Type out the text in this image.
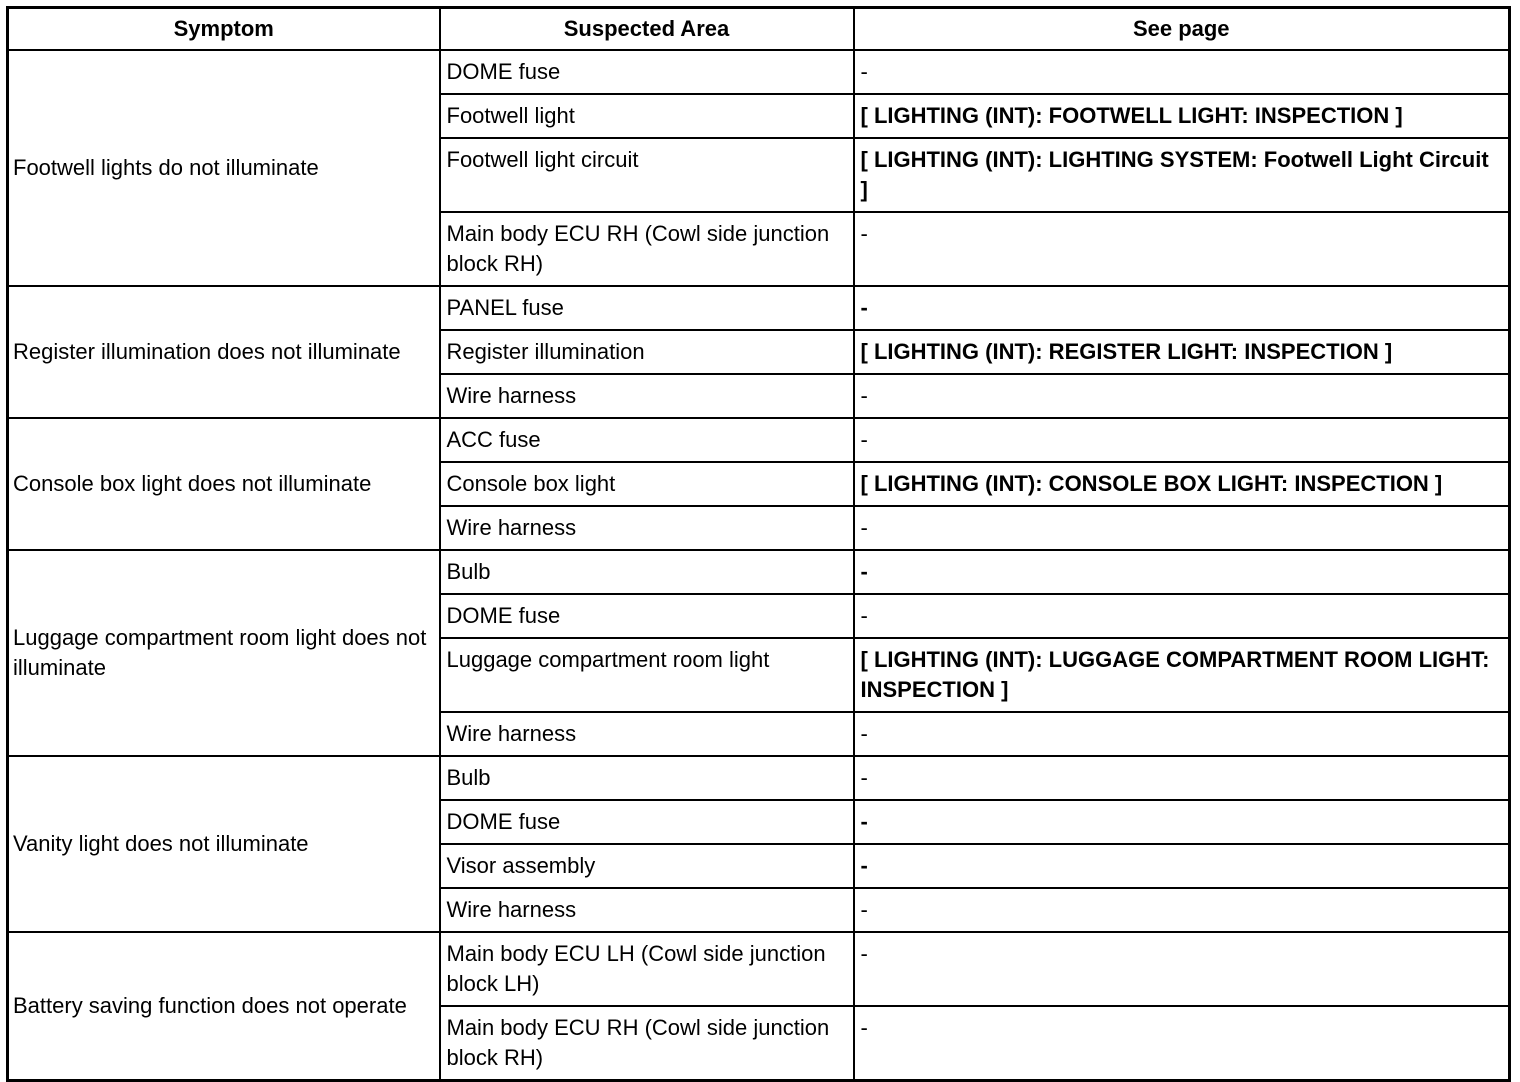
Symptom	Suspected Area	See page
Footwell lights do not illuminate	DOME fuse	-
	Footwell light	[ LIGHTING (INT): FOOTWELL LIGHT: INSPECTION ]
	Footwell light circuit	[ LIGHTING (INT): LIGHTING SYSTEM: Footwell Light Circuit ]
	Main body ECU RH (Cowl side junction block RH)	-
Register illumination does not illuminate	PANEL fuse	-
	Register illumination	[ LIGHTING (INT): REGISTER LIGHT: INSPECTION ]
	Wire harness	-
Console box light does not illuminate	ACC fuse	-
	Console box light	[ LIGHTING (INT): CONSOLE BOX LIGHT: INSPECTION ]
	Wire harness	-
Luggage compartment room light does not illuminate	Bulb	-
	DOME fuse	-
	Luggage compartment room light	[ LIGHTING (INT): LUGGAGE COMPARTMENT ROOM LIGHT: INSPECTION ]
	Wire harness	-
Vanity light does not illuminate	Bulb	-
	DOME fuse	-
	Visor assembly	-
	Wire harness	-
Battery saving function does not operate	Main body ECU LH (Cowl side junction block LH)	-
	Main body ECU RH (Cowl side junction block RH)	-
